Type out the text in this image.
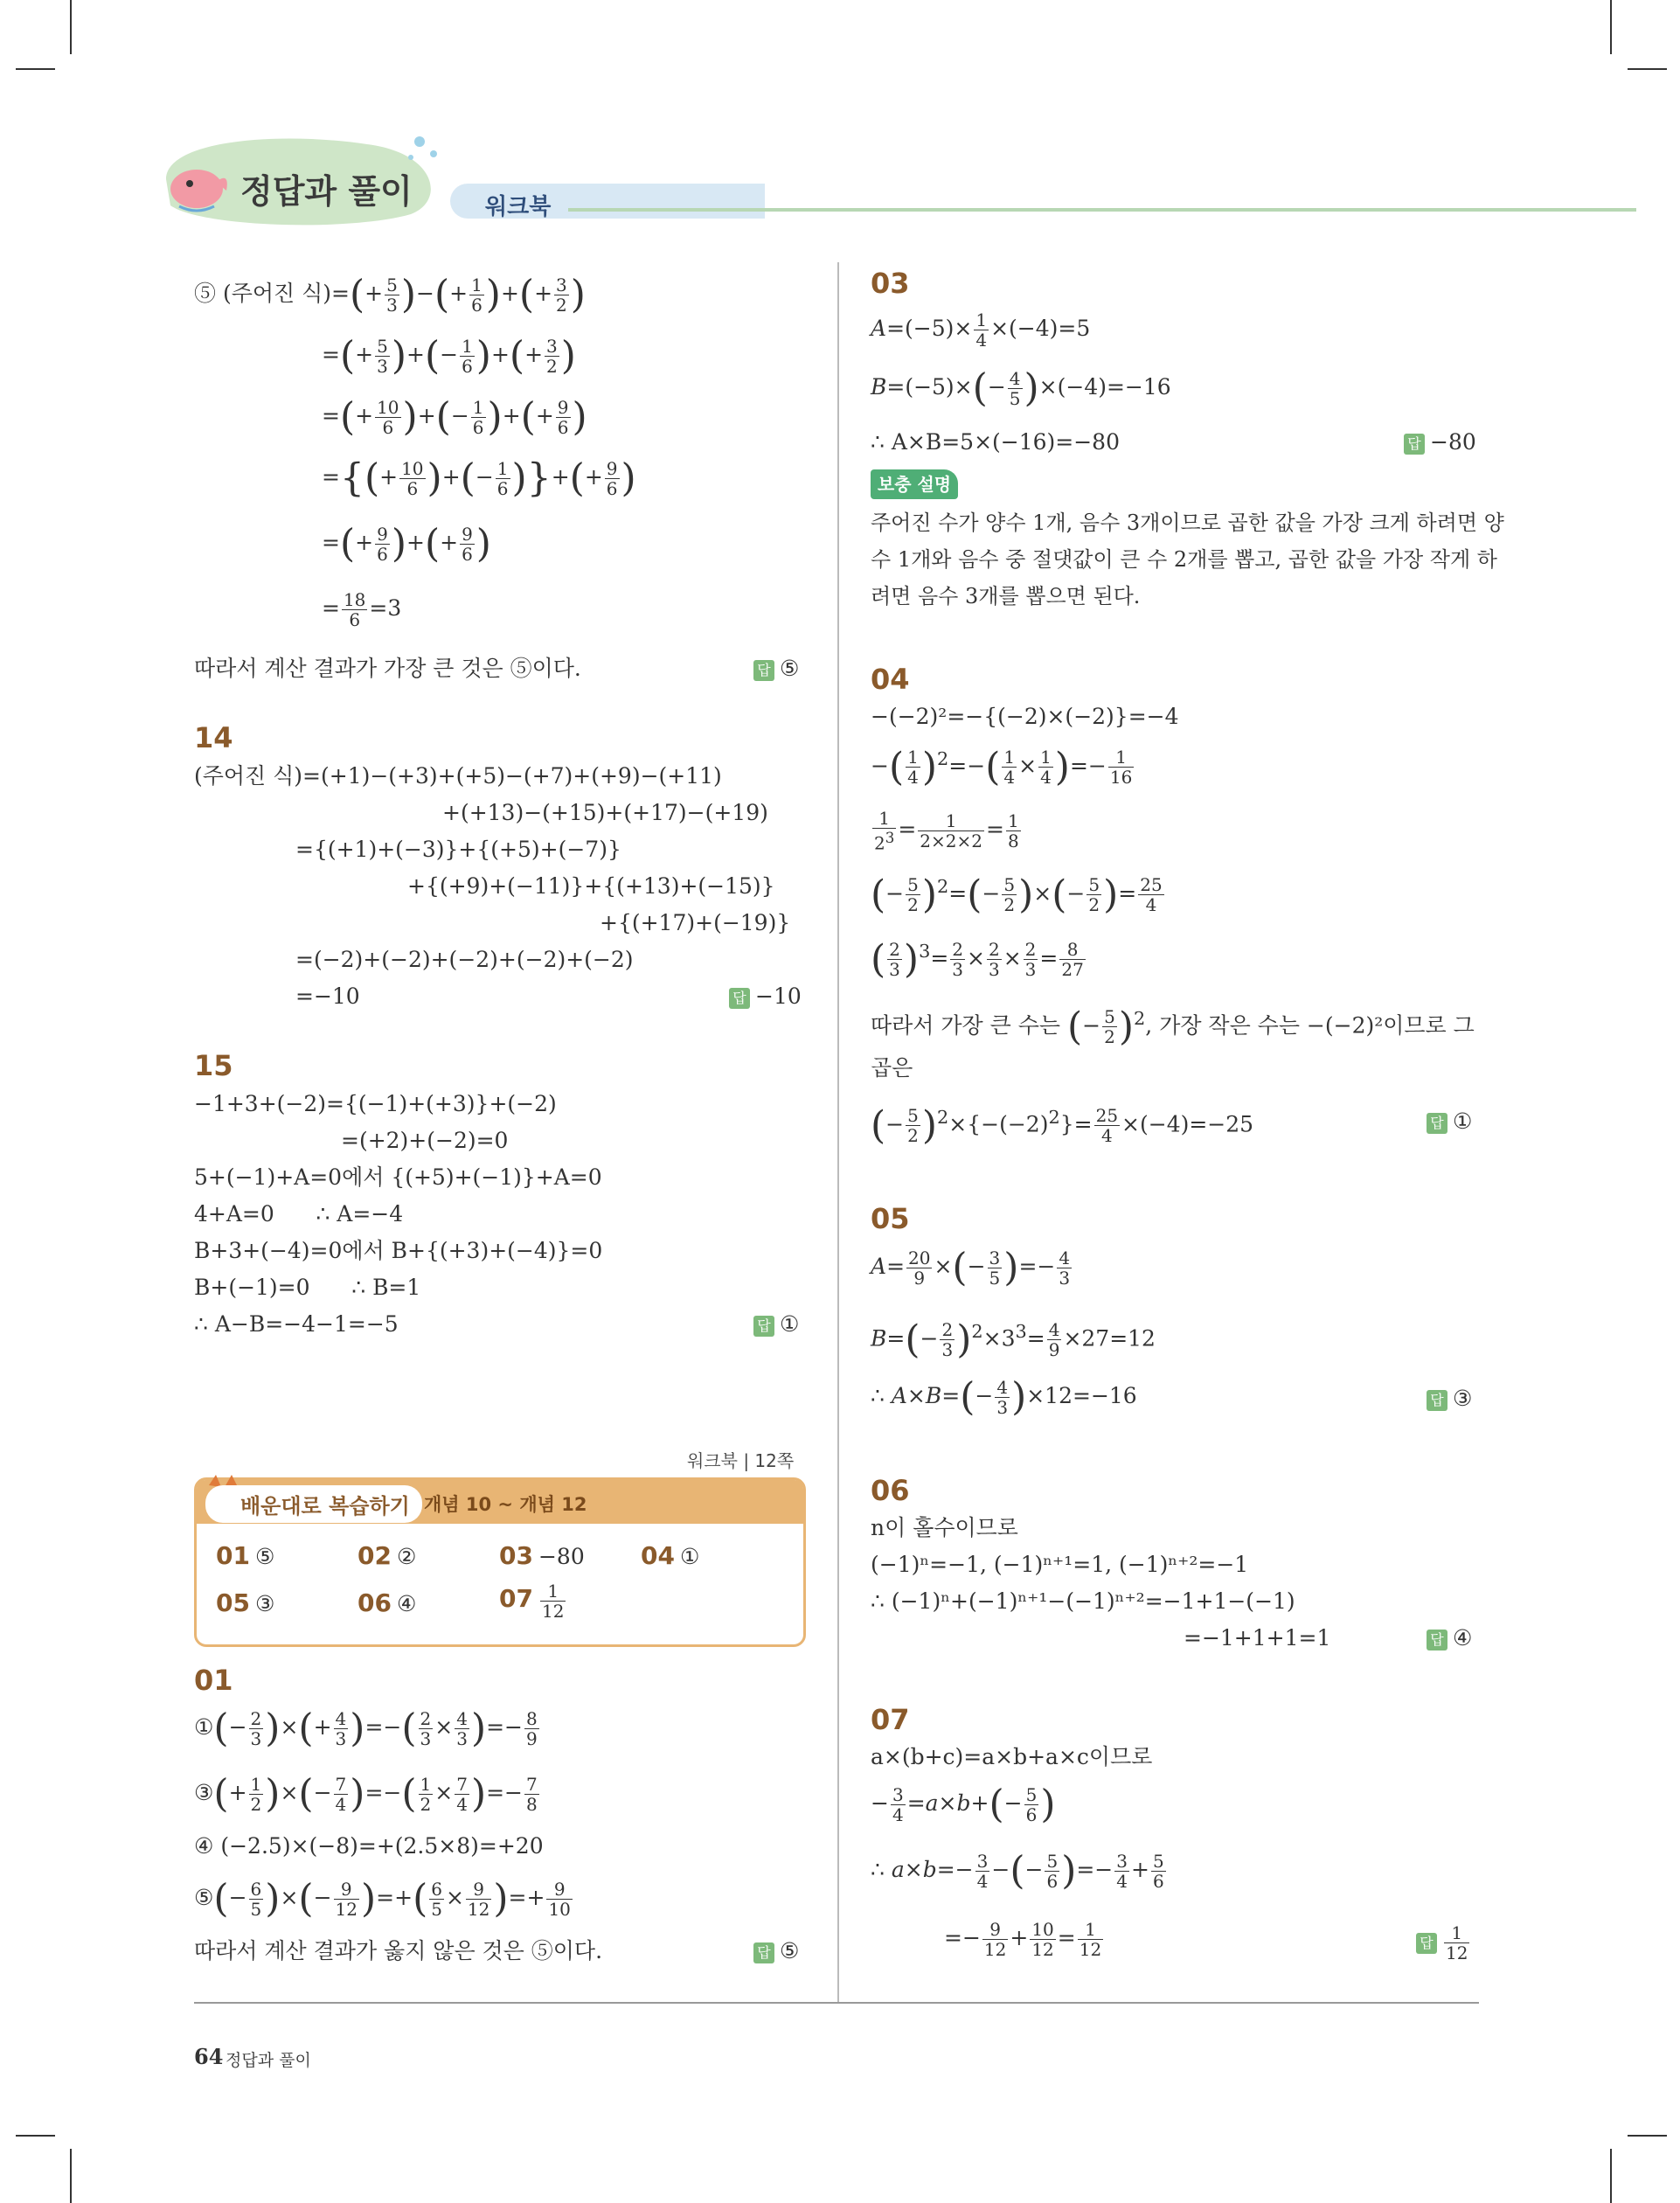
정답과 풀이	워크북
⑤ (주어진 식)=(+ $\frac{5}{3}$ )−(+ $\frac{1}{6}$ )+(+ $\frac{3}{2}$ )
=(+ $\frac{5}{3}$ )+(− $\frac{1}{6}$ )+(+ $\frac{3}{2}$ )
=(+ $\frac{10}{6}$ )+(− $\frac{1}{6}$ )+(+ $\frac{9}{6}$ )
={(+ $\frac{10}{6}$ )+(− $\frac{1}{6}$ )}+(+ $\frac{9}{6}$ )
=(+ $\frac{9}{6}$ )+(+ $\frac{9}{6}$ )
= $\frac{18}{6} =3$
따라서 계산 결과가 가장 큰 것은 ⑤이다.	답 ⑤
14
(주어진 식)=(+1)−(+3)+(+5)−(+7)+(+9)−(+11)
+(+13)−(+15)+(+17)−(+19)
={(+1)+(−3)}+{(+5)+(−7)}
+{(+9)+(−11)}+{(+13)+(−15)}
+{(+17)+(−19)}
=(−2)+(−2)+(−2)+(−2)+(−2)
=−10	답 −10
15
−1+3+(−2)={(−1)+(+3)}+(−2)
=(+2)+(−2)=0
5+(−1)+A=0에서 {(+5)+(−1)}+A=0
4+A=0      ∴ A=−4
B+3+(−4)=0에서 B+{(+3)+(−4)}=0
B+(−1)=0      ∴ B=1
∴ A−B=−4−1=−5	답 ①
워크북 | 12쪽
배운대로 복습하기 개념 10 ~ 개념 12
01 ⑤	02 ②	03 −80 04 ①
05 ③	06 ④	$07 \frac{1}{12}$
01
①(− $\frac{2}{3}$ )×(+ $\frac{4}{3}$ )=−( $\frac{2}{3} \times \frac{4}{3}$ )=− $\frac{8}{9}$
③(+ $\frac{1}{2}$ )×(− $\frac{7}{4}$ )=−( $\frac{1}{2} \times \frac{7}{4}$ )=− $\frac{7}{8}$
④ (−2.5)×(−8)=+(2.5×8)=+20
⑤(− $\frac{6}{5}$ )×(− $\frac{9}{12}$ )=+( $\frac{6}{5} \times \frac{9}{12}$ )=+ $\frac{9}{10}$
따라서 계산 결과가 옳지 않은 것은 ⑤이다.	답 ⑤
03
$A=(-5)\times \frac{1}{4} \times(-4)=5$
$B=(-5)\times(- \frac{4}{5} )\times(-4)=-16$
∴ A×B=5×(−16)=−80	답 −80
보충 설명
주어진 수가 양수 1개, 음수 3개이므로 곱한 값을 가장 크게 하려면 양
수 1개와 음수 중 절댓값이 큰 수 2개를 뽑고, 곱한 값을 가장 작게 하
려면 음수 3개를 뽑으면 된다.
04
−(−2)²=−{(−2)×(−2)}=−4
−( $\frac{1}{4} )^2=-( \frac{1}{4} \times \frac{1}{4}$ )=− $\frac{1}{16}$
$\frac{1}{2^3} = \frac{1}{2\times 2\times 2} = \frac{1}{8}$
(− $\frac{5}{2} )^2=(- \frac{5}{2}$ )×(− $\frac{5}{2}$ )= $\frac{25}{4}$
( $\frac{2}{3} )^3= \frac{2}{3} \times \frac{2}{3} \times \frac{2}{3} = \frac{8}{27}$
따라서 가장 큰 수는 (− $\frac{5}{2} )^2$, 가장 작은 수는 −(−2)²이므로 그
곱은
(− $\frac{5}{2} )^2\times\{-(-2)^2\}= \frac{25}{4} \times(-4)=-25$	답 ①
05
$A= \frac{20}{9}$ ×(− $\frac{3}{5}$ )=− $\frac{4}{3}$
$B=(- \frac{2}{3} )^2\times 3^3= \frac{4}{9} \times 27=12$
∴ $A\times B=(- \frac{4}{3} )\times 12=-16$	답 ③
06
n이 홀수이므로
(−1)ⁿ=−1, (−1)ⁿ⁺¹=1, (−1)ⁿ⁺²=−1
∴ (−1)ⁿ+(−1)ⁿ⁺¹−(−1)ⁿ⁺²=−1+1−(−1)
=−1+1+1=1	답 ④
07
a×(b+c)=a×b+a×c이므로
− $\frac{3}{4} =a\times b+(- \frac{5}{6}$ )
∴ $a\times b=- \frac{3}{4}$ −(− $\frac{5}{6}$ )=− $\frac{3}{4} + \frac{5}{6}$
=− $\frac{9}{12} + \frac{10}{12} = \frac{1}{12}$	답 $\frac{1}{12}$
64 정답과 풀이
